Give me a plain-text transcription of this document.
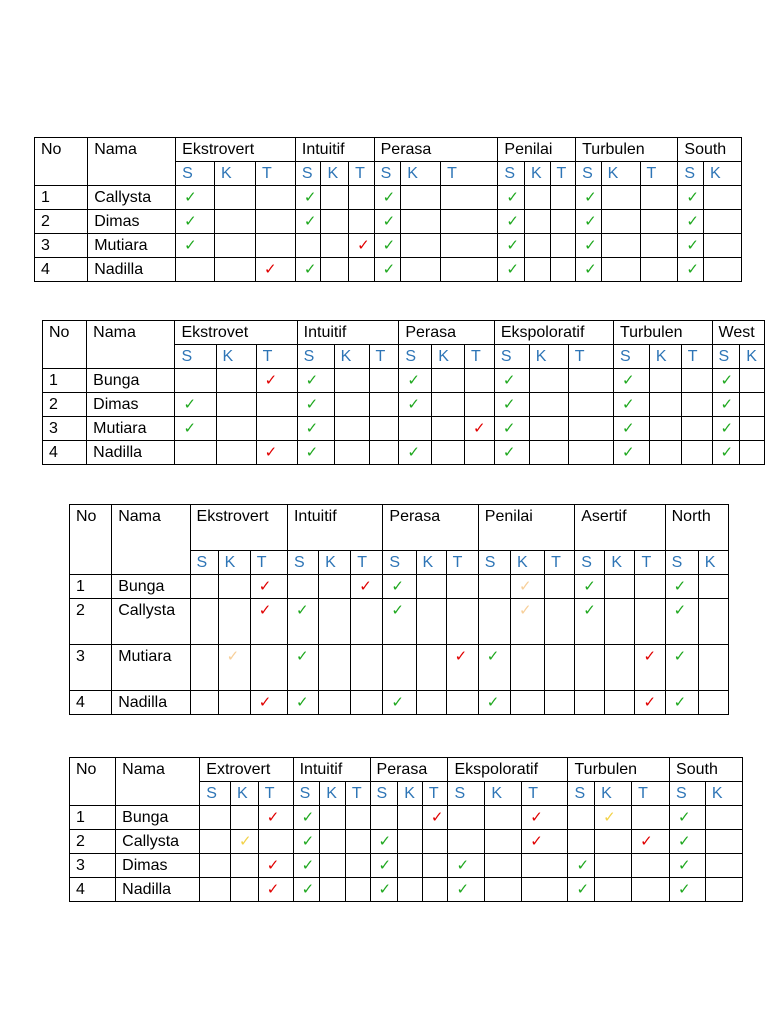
No	Nama	Ekstrovert			Intuitif			Perasa			Penilai			Turbulen			South	
		S	K	T	S	K	T	S	K	T	S	K	T	S	K	T	S	K
1	Callysta	✓			✓			✓			✓			✓			✓	
2	Dimas	✓			✓			✓			✓			✓			✓	
3	Mutiara	✓					✓	✓			✓			✓			✓	
4	Nadilla			✓	✓			✓			✓			✓			✓	
No	Nama	Ekstrovet			Intuitif			Perasa			Ekspoloratif			Turbulen			West	
		S	K	T	S	K	T	S	K	T	S	K	T	S	K	T	S	K
1	Bunga			✓	✓			✓			✓			✓			✓	
2	Dimas	✓			✓			✓			✓			✓			✓	
3	Mutiara	✓			✓					✓	✓			✓			✓	
4	Nadilla			✓	✓			✓			✓			✓			✓	
No	Nama	Ekstrovert			Intuitif			Perasa			Penilai			Asertif			North	
		S	K	T	S	K	T	S	K	T	S	K	T	S	K	T	S	K
1	Bunga			✓			✓	✓				✓		✓			✓	
2	Callysta			✓	✓			✓				✓		✓			✓	
3	Mutiara		✓		✓					✓	✓					✓	✓	
4	Nadilla			✓	✓			✓			✓					✓	✓	
No	Nama	Extrovert			Intuitif			Perasa			Ekspoloratif			Turbulen			South	
		S	K	T	S	K	T	S	K	T	S	K	T	S	K	T	S	K
1	Bunga			✓	✓					✓			✓		✓		✓	
2	Callysta		✓		✓			✓					✓			✓	✓	
3	Dimas			✓	✓			✓			✓			✓			✓	
4	Nadilla			✓	✓			✓			✓			✓			✓	
